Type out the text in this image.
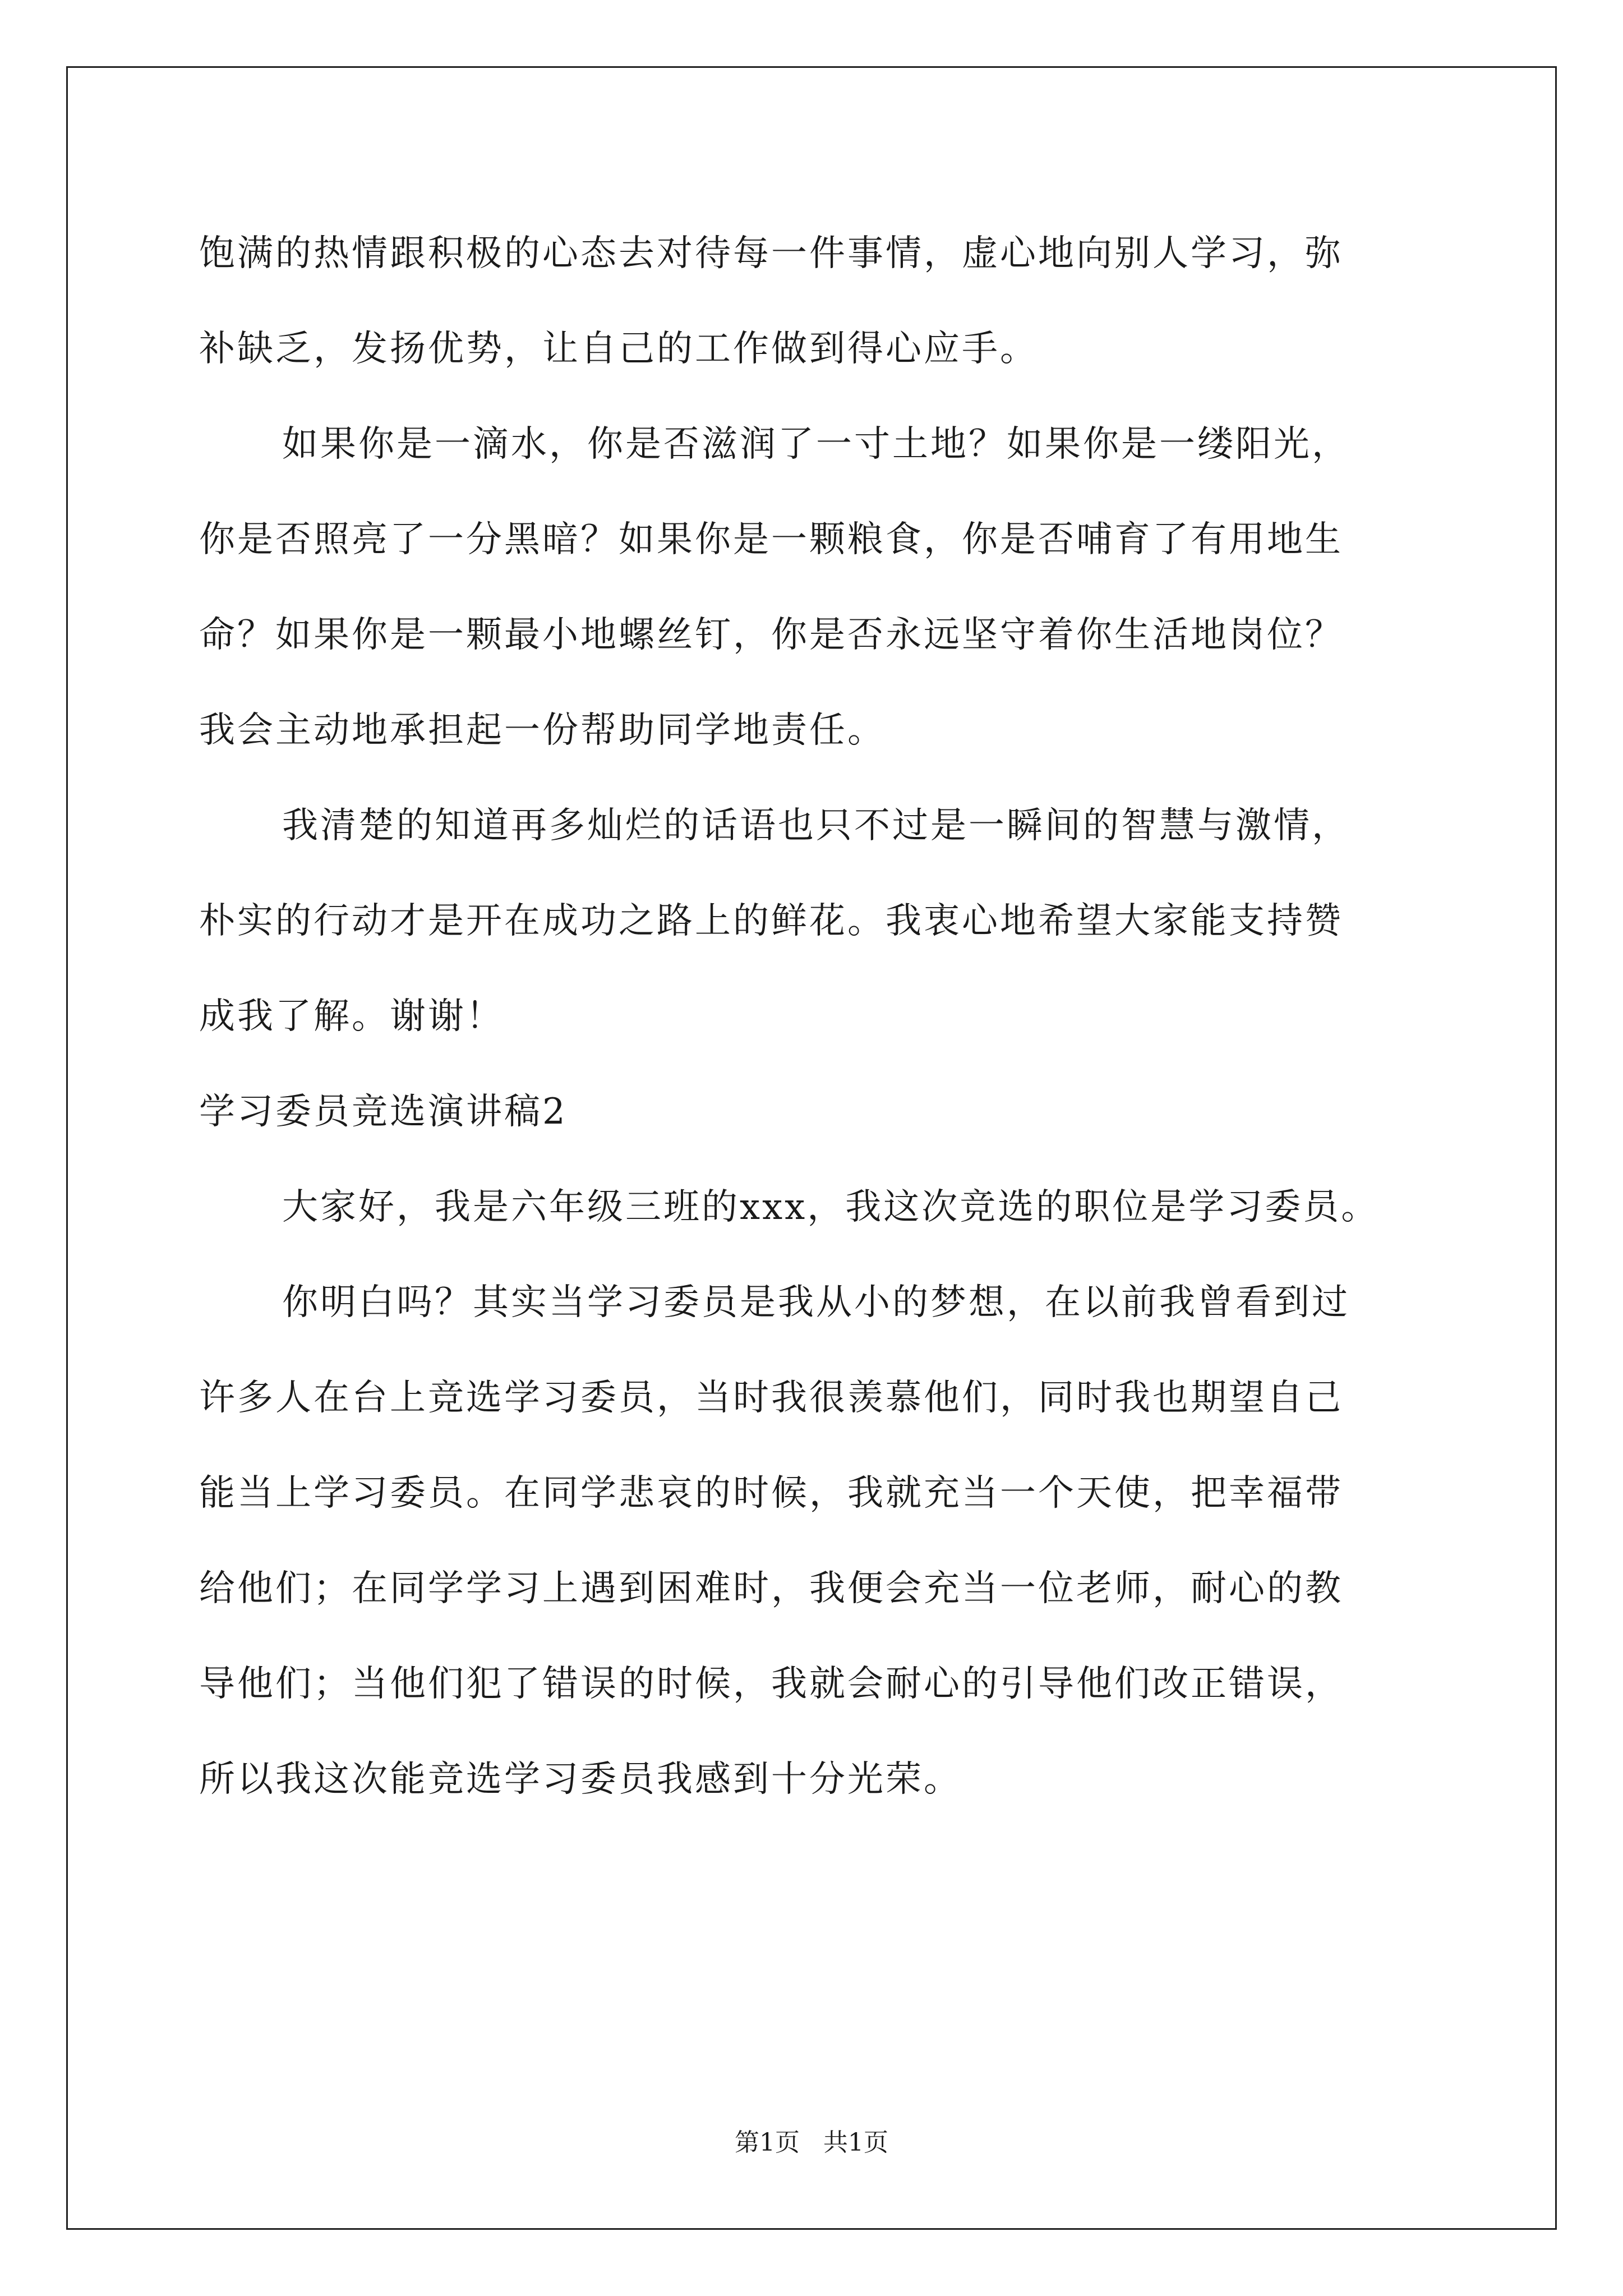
饱满的热情跟积极的心态去对待每一件事情，虚心地向别人学习，弥
补缺乏，发扬优势，让自己的工作做到得心应手。
如果你是一滴水，你是否滋润了一寸土地？如果你是一缕阳光，
你是否照亮了一分黑暗？如果你是一颗粮食，你是否哺育了有用地生
命？如果你是一颗最小地螺丝钉，你是否永远坚守着你生活地岗位？
我会主动地承担起一份帮助同学地责任。
我清楚的知道再多灿烂的话语也只不过是一瞬间的智慧与激情，
朴实的行动才是开在成功之路上的鲜花。我衷心地希望大家能支持赞
成我了解。谢谢！
学习委员竞选演讲稿2
大家好，我是六年级三班的xxx，我这次竞选的职位是学习委员。
你明白吗？其实当学习委员是我从小的梦想，在以前我曾看到过
许多人在台上竞选学习委员，当时我很羡慕他们，同时我也期望自己
能当上学习委员。在同学悲哀的时候，我就充当一个天使，把幸福带
给他们；在同学学习上遇到困难时，我便会充当一位老师，耐心的教
导他们；当他们犯了错误的时候，我就会耐心的引导他们改正错误，
所以我这次能竞选学习委员我感到十分光荣。
第1页   共1页
